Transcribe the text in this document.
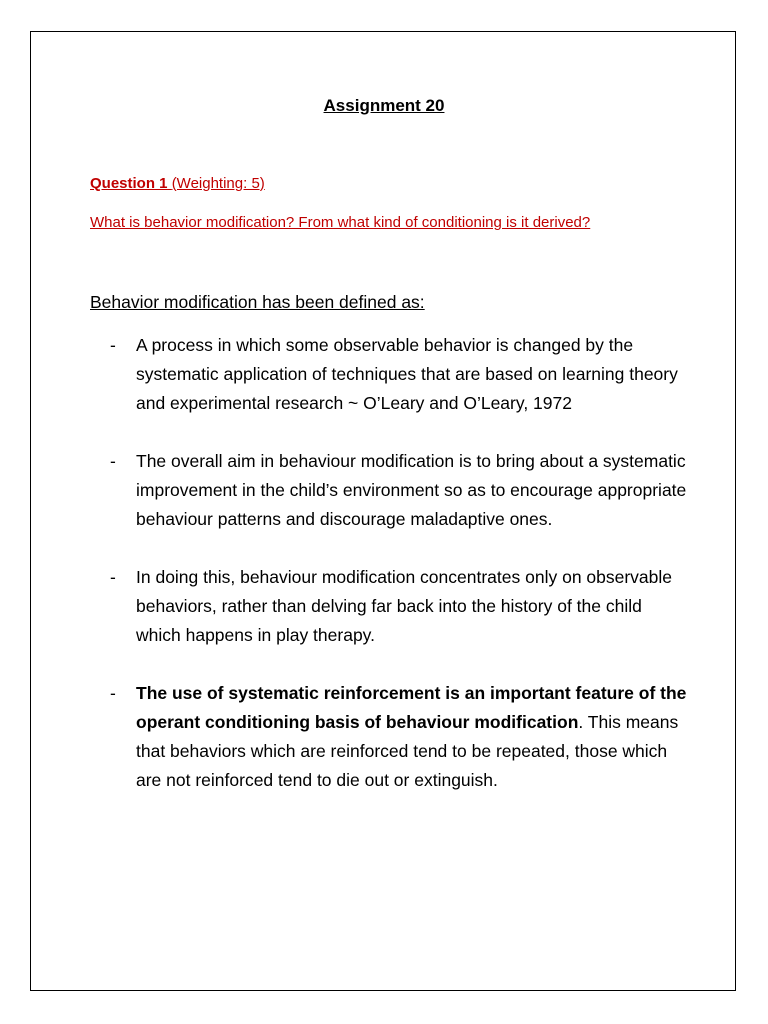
Assignment 20
Question 1 (Weighting: 5)
What is behavior modification? From what kind of conditioning is it derived?
Behavior modification has been defined as:
- A process in which some observable behavior is changed by the systematic application of techniques that are based on learning theory and experimental research ~ O’Leary and O’Leary, 1972
- The overall aim in behaviour modification is to bring about a systematic improvement in the child’s environment so as to encourage appropriate behaviour patterns and discourage maladaptive ones.
- In doing this, behaviour modification concentrates only on observable behaviors, rather than delving far back into the history of the child which happens in play therapy.
- The use of systematic reinforcement is an important feature of the operant conditioning basis of behaviour modification. This means that behaviors which are reinforced tend to be repeated, those which are not reinforced tend to die out or extinguish.
